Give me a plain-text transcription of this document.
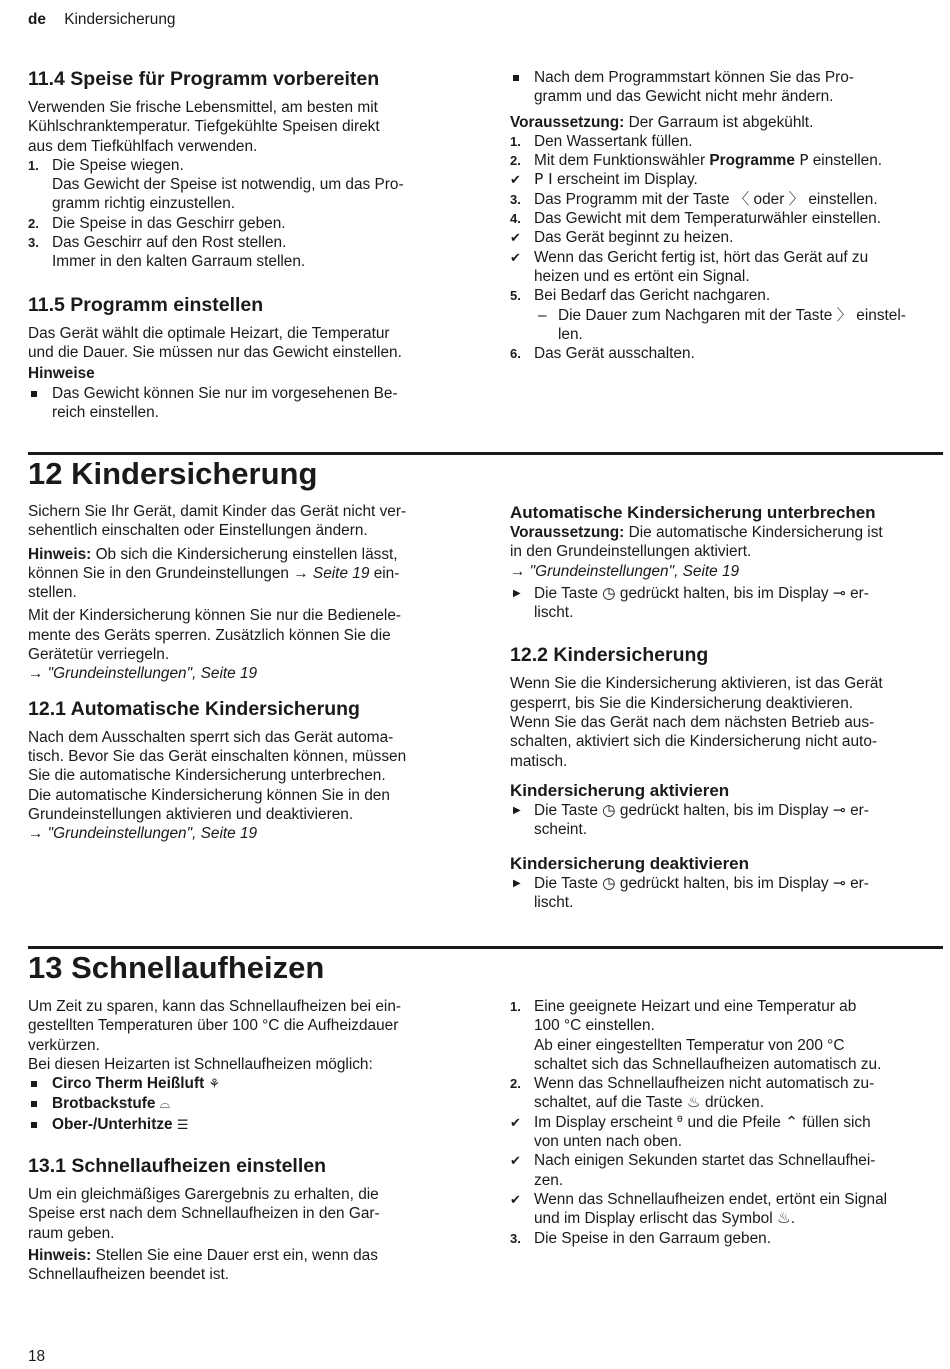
de Kindersicherung
11.4 Speise für Programm vorbereiten

Verwenden Sie frische Lebensmittel, am besten mit

Kühlschranktemperatur. Tiefgekühlte Speisen direkt

aus dem Tiefkühlfach verwenden.

1. Die Speise wiegen.

Das Gewicht der Speise ist notwendig, um das Pro-

gramm richtig einzustellen.

2. Die Speise in das Geschirr geben.

3. Das Geschirr auf den Rost stellen.

Immer in den kalten Garraum stellen.

11.5 Programm einstellen

Das Gerät wählt die optimale Heizart, die Temperatur

und die Dauer. Sie müssen nur das Gewicht einstellen.

Hinweise

Das Gewicht können Sie nur im vorgesehenen Be-

reich einstellen.

Nach dem Programmstart können Sie das Pro-

gramm und das Gewicht nicht mehr ändern.

Voraussetzung: Der Garraum ist abgekühlt.

1. Den Wassertank füllen.

2. Mit dem Funktionswähler Programme P einstellen.

✔ P I erscheint im Display.

3. Das Programm mit der Taste 〈 oder 〉 einstellen.

4. Das Gewicht mit dem Temperaturwähler einstellen.

✔ Das Gerät beginnt zu heizen.

✔ Wenn das Gericht fertig ist, hört das Gerät auf zu

heizen und es ertönt ein Signal.

5. Bei Bedarf das Gericht nachgaren.

– Die Dauer zum Nachgaren mit der Taste 〉 einstel-

len.

6. Das Gerät ausschalten.

12 Kindersicherung

Sichern Sie Ihr Gerät, damit Kinder das Gerät nicht ver-

sehentlich einschalten oder Einstellungen ändern.

Hinweis: Ob sich die Kindersicherung einstellen lässt,

können Sie in den Grundeinstellungen → Seite 19 ein-

stellen.

Mit der Kindersicherung können Sie nur die Bedienele-

mente des Geräts sperren. Zusätzlich können Sie die

Gerätetür verriegeln.

→ "Grundeinstellungen", Seite 19

12.1 Automatische Kindersicherung

Nach dem Ausschalten sperrt sich das Gerät automa-

tisch. Bevor Sie das Gerät einschalten können, müssen

Sie die automatische Kindersicherung unterbrechen.

Die automatische Kindersicherung können Sie in den

Grundeinstellungen aktivieren und deaktivieren.

→ "Grundeinstellungen", Seite 19

Automatische Kindersicherung unterbrechen

Voraussetzung: Die automatische Kindersicherung ist

in den Grundeinstellungen aktiviert.

→ "Grundeinstellungen", Seite 19

▶ Die Taste ◷ gedrückt halten, bis im Display ⊸ er-

lischt.

12.2 Kindersicherung

Wenn Sie die Kindersicherung aktivieren, ist das Gerät

gesperrt, bis Sie die Kindersicherung deaktivieren.

Wenn Sie das Gerät nach dem nächsten Betrieb aus-

schalten, aktiviert sich die Kindersicherung nicht auto-

matisch.

Kindersicherung aktivieren
▶ Die Taste ◷ gedrückt halten, bis im Display ⊸ er-

scheint.

Kindersicherung deaktivieren
▶ Die Taste ◷ gedrückt halten, bis im Display ⊸ er-

lischt.

13 Schnellaufheizen

Um Zeit zu sparen, kann das Schnellaufheizen bei ein-

gestellten Temperaturen über 100 °C die Aufheizdauer

verkürzen.

Bei diesen Heizarten ist Schnellaufheizen möglich:

Circo Therm Heißluft ⚘

Brotbackstufe ⌓

Ober-/Unterhitze ☰

13.1 Schnellaufheizen einstellen

Um ein gleichmäßiges Garergebnis zu erhalten, die

Speise erst nach dem Schnellaufheizen in den Gar-

raum geben.

Hinweis: Stellen Sie eine Dauer erst ein, wenn das

Schnellaufheizen beendet ist.

1. Eine geeignete Heizart und eine Temperatur ab

100 °C einstellen.

Ab einer eingestellten Temperatur von 200 °C

schaltet sich das Schnellaufheizen automatisch zu.

2. Wenn das Schnellaufheizen nicht automatisch zu-

schaltet, auf die Taste ♨ drücken.

✔ Im Display erscheint ᶿ und die Pfeile ⌃ füllen sich

von unten nach oben.

✔ Nach einigen Sekunden startet das Schnellaufhei-

zen.

✔ Wenn das Schnellaufheizen endet, ertönt ein Signal

und im Display erlischt das Symbol ♨.

3. Die Speise in den Garraum geben.

18
